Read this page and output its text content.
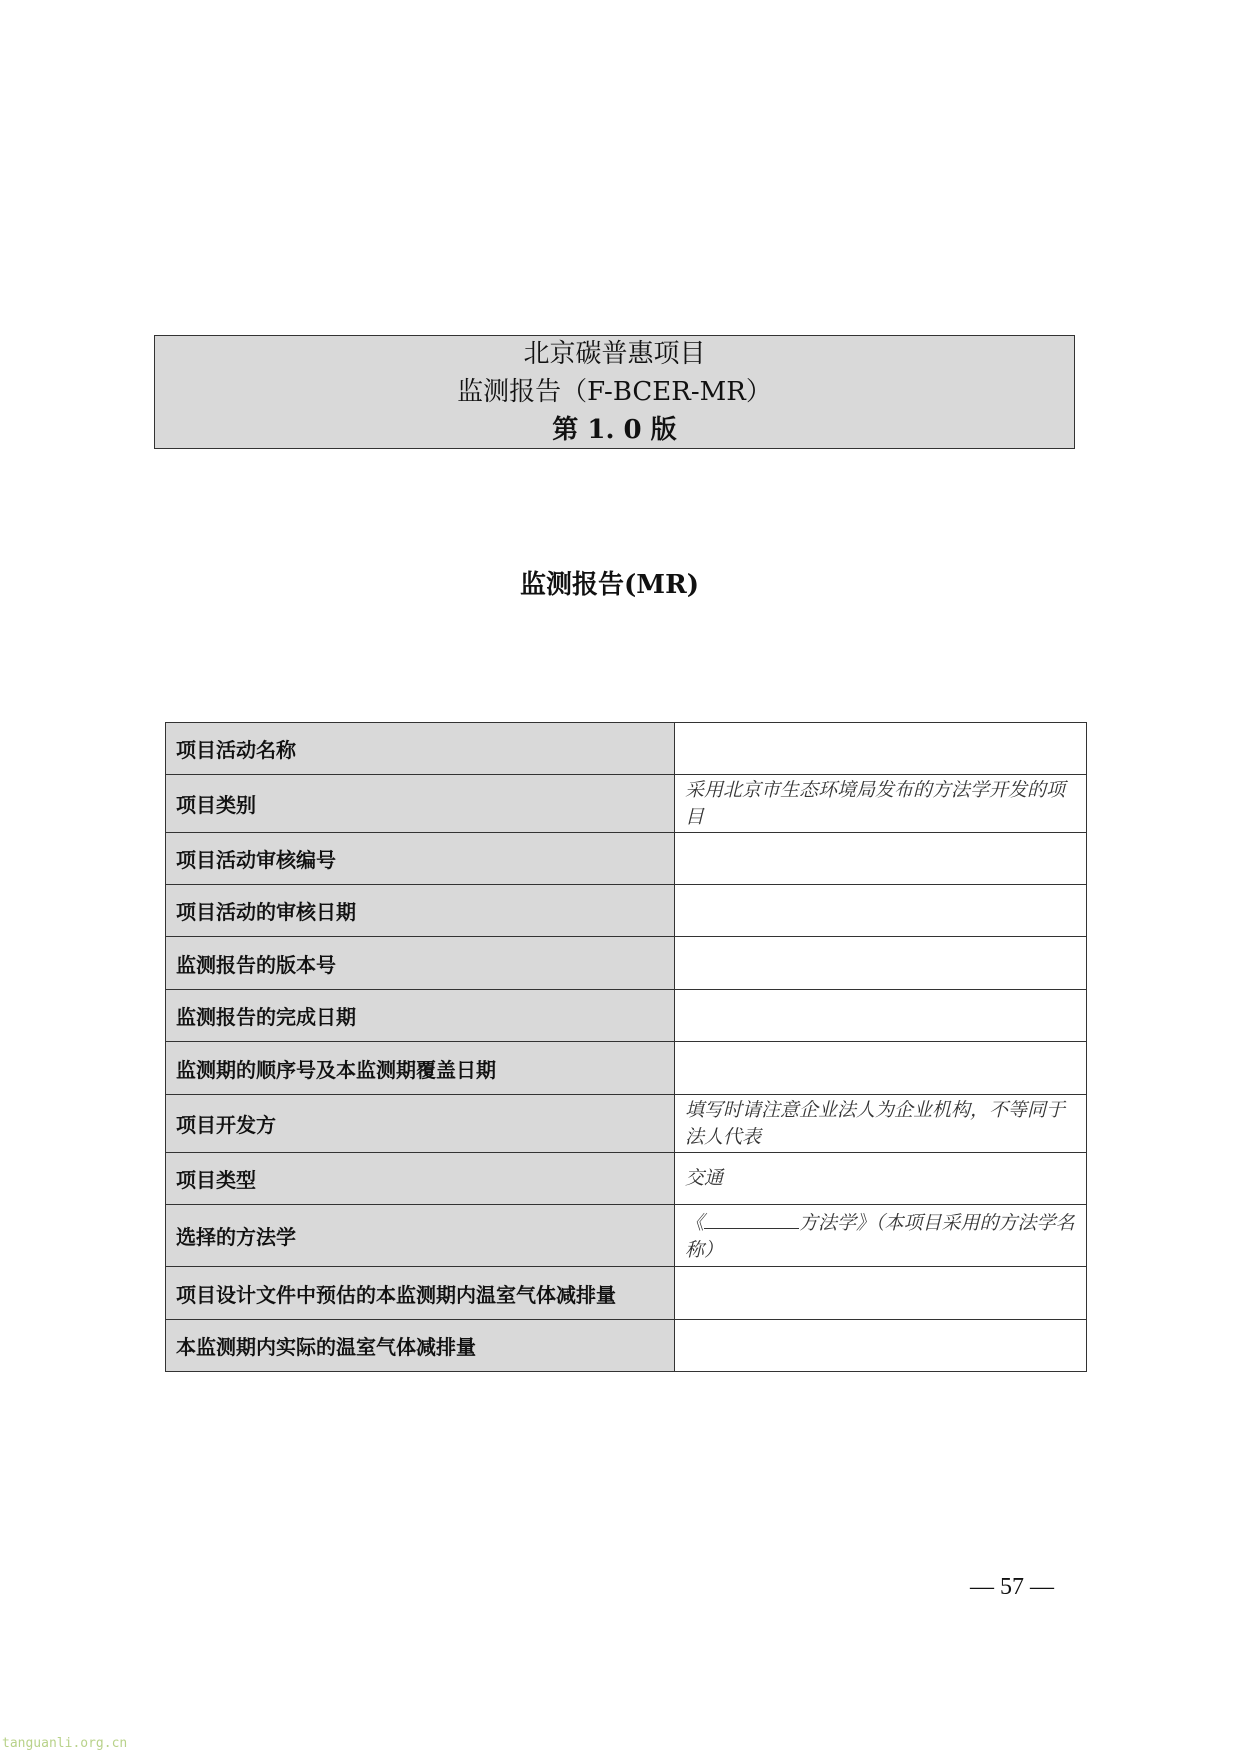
北京碳普惠项目
监测报告（F-BCER-MR）
第 1. 0 版
监测报告(MR)
项目活动名称	
项目类别	采用北京市生态环境局发布的方法学开发的项目
项目活动审核编号	
项目活动的审核日期	
监测报告的版本号	
监测报告的完成日期	
监测期的顺序号及本监测期覆盖日期	
项目开发方	填写时请注意企业法人为企业机构，不等同于法人代表
项目类型	交通
选择的方法学	《 方法学》（本项目采用的方法学名称）
项目设计文件中预估的本监测期内温室气体减排量	
本监测期内实际的温室气体减排量	
— 57 —
tanguanli.org.cn
